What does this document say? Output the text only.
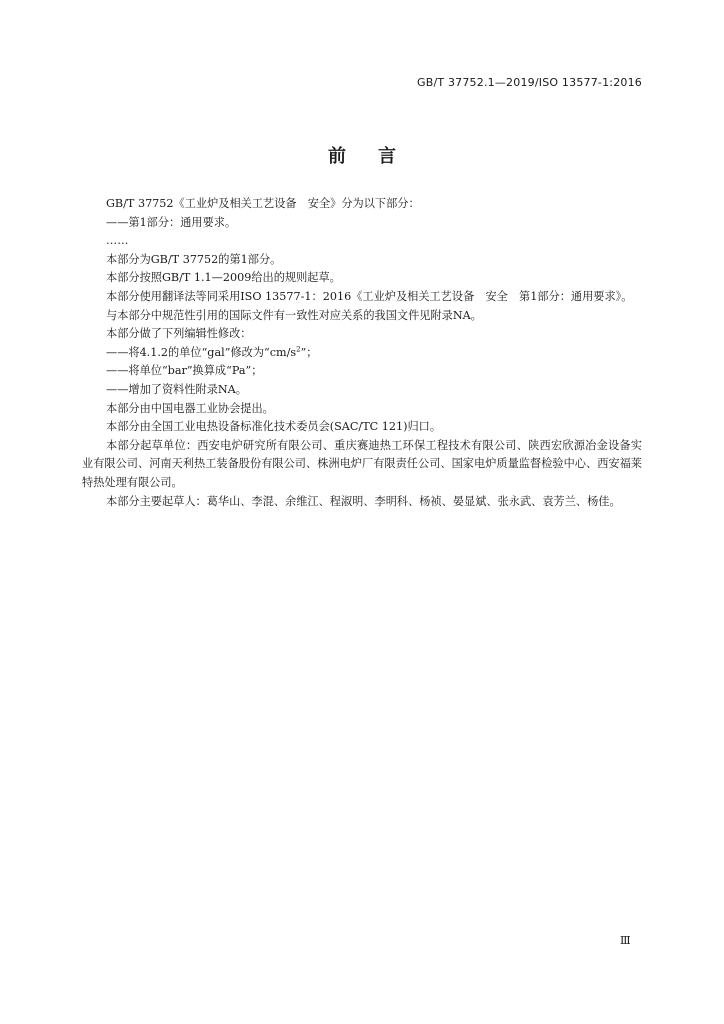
GB/T 37752.1—2019/ISO 13577-1:2016
前言

GB/T 37752《工业炉及相关工艺设备　安全》分为以下部分：

——第1部分：通用要求。

……

本部分为GB/T 37752的第1部分。

本部分按照GB/T 1.1—2009给出的规则起草。

本部分使用翻译法等同采用ISO 13577-1：2016《工业炉及相关工艺设备　安全　第1部分：通用要求》。

与本部分中规范性引用的国际文件有一致性对应关系的我国文件见附录NA。

本部分做了下列编辑性修改：

——将4.1.2的单位“gal”修改为“$cm/s^2$”；

——将单位“bar”换算成“Pa”；

——增加了资料性附录NA。

本部分由中国电器工业协会提出。

本部分由全国工业电热设备标准化技术委员会(SAC/TC 121)归口。

本部分起草单位：西安电炉研究所有限公司、重庆赛迪热工环保工程技术有限公司、陕西宏欣源冶金设备实业有限公司、河南天利热工装备股份有限公司、株洲电炉厂有限责任公司、国家电炉质量监督检验中心、西安福莱特热处理有限公司。

本部分主要起草人：葛华山、李混、余维江、程淑明、李明科、杨祯、晏显斌、张永武、袁芳兰、杨佳。

Ⅲ
